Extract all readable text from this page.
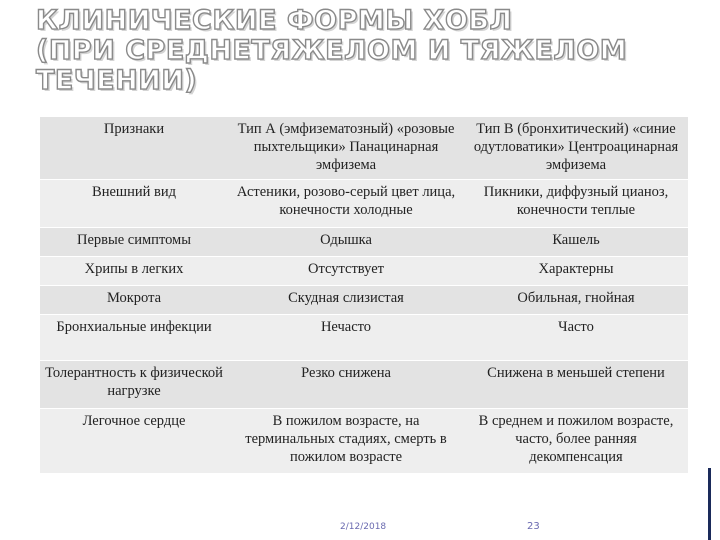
КЛИНИЧЕСКИЕ ФОРМЫ ХОБЛ
(ПРИ СРЕДНЕТЯЖЕЛОМ И ТЯЖЕЛОМ
ТЕЧЕНИИ)
Признаки	Тип А (эмфизематозный) «розовые пыхтельщики» Панацинарная эмфизема	Тип В (бронхитический) «синие одутловатики» Центроацинарная эмфизема
Внешний вид	Астеники, розово-серый цвет лица, конечности холодные	Пикники, диффузный цианоз, конечности теплые
Первые симптомы	Одышка	Кашель
Хрипы в легких	Отсутствует	Характерны
Мокрота	Скудная слизистая	Обильная, гнойная
Бронхиальные инфекции	Нечасто	Часто
Толерантность к физической нагрузке	Резко снижена	Снижена в меньшей степени
Легочное сердце	В пожилом возрасте, на терминальных стадиях, смерть в пожилом возрасте	В среднем и пожилом возрасте, часто, более ранняя декомпенсация
2/12/2018	23
